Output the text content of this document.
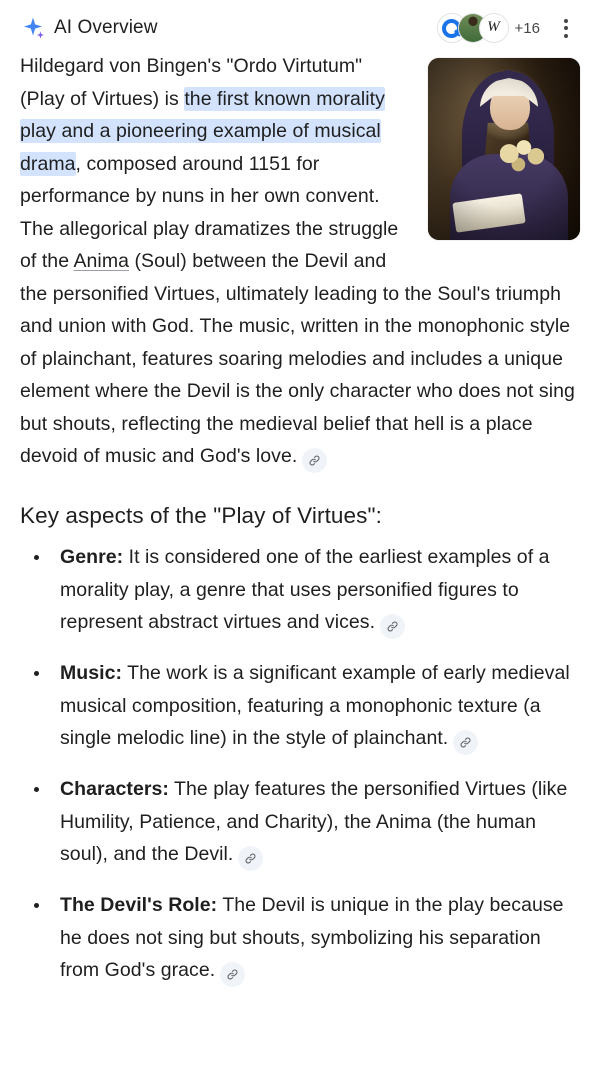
AI Overview	W +16
Hildegard von Bingen's "Ordo Virtutum" (Play of Virtues) is the first known morality play and a pioneering example of musical drama, composed around 1151 for performance by nuns in her own convent. The allegorical play dramatizes the struggle of the Anima (Soul) between the Devil and the personified Virtues, ultimately leading to the Soul's triumph and union with God. The music, written in the monophonic style of plainchant, features soaring melodies and includes a unique element where the Devil is the only character who does not sing but shouts, reflecting the medieval belief that hell is a place devoid of music and God's love.
Key aspects of the "Play of Virtues":
Genre: It is considered one of the earliest examples of a morality play, a genre that uses personified figures to represent abstract virtues and vices.
Music: The work is a significant example of early medieval musical composition, featuring a monophonic texture (a single melodic line) in the style of plainchant.
Characters: The play features the personified Virtues (like Humility, Patience, and Charity), the Anima (the human soul), and the Devil.
The Devil's Role: The Devil is unique in the play because he does not sing but shouts, symbolizing his separation from God's grace.
